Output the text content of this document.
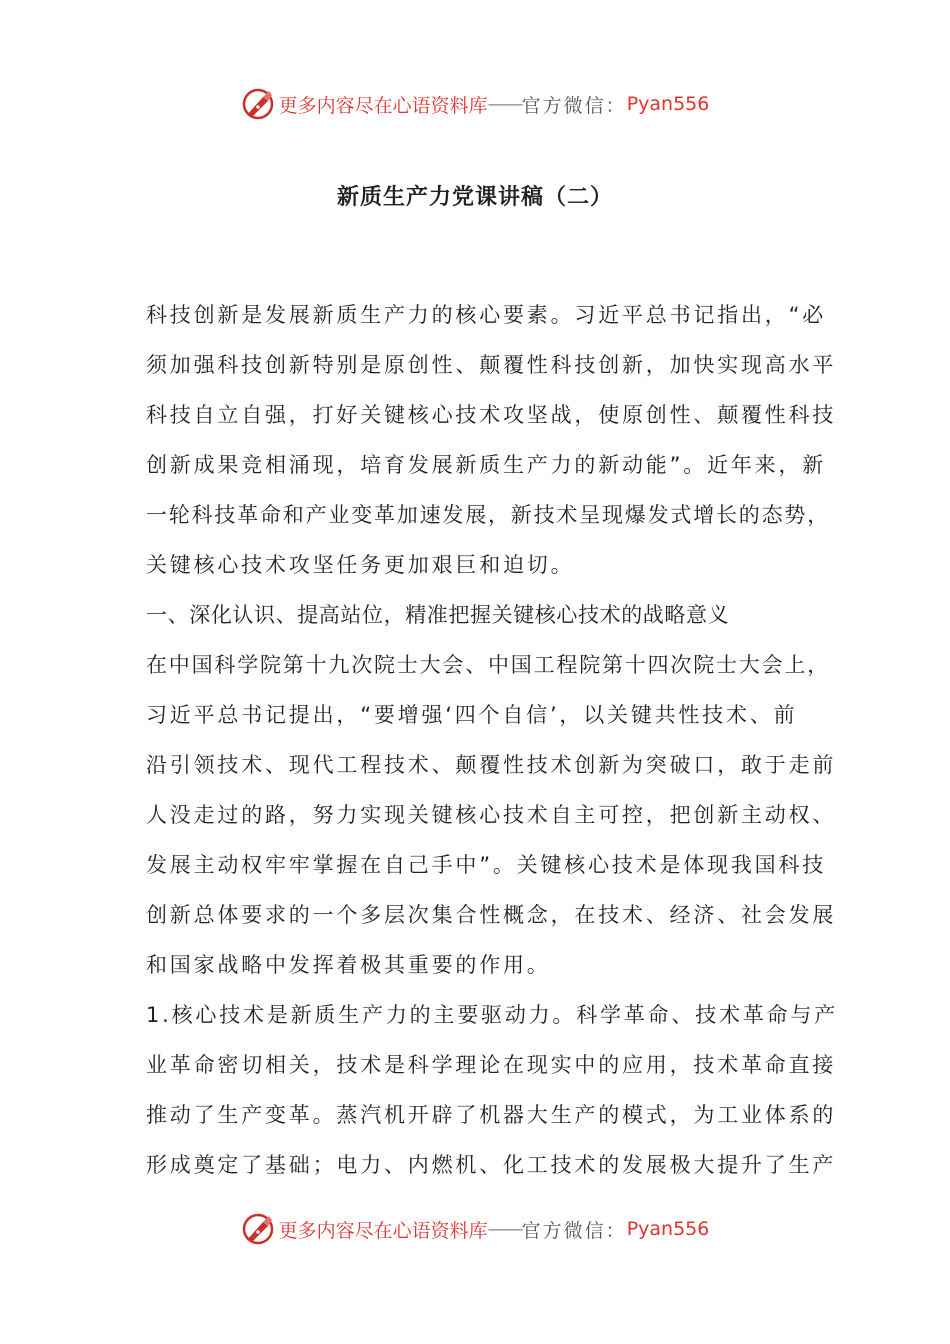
更多内容尽在心语资料库 —— 官方微信： Pyan556
新质生产力党课讲稿（二）
科技创新是发展新质生产力的核心要素。习近平总书记指出，“必
须加强科技创新特别是原创性、颠覆性科技创新，加快实现高水平
科技自立自强，打好关键核心技术攻坚战，使原创性、颠覆性科技
创新成果竞相涌现，培育发展新质生产力的新动能”。近年来，新
一轮科技革命和产业变革加速发展，新技术呈现爆发式增长的态势，
关键核心技术攻坚任务更加艰巨和迫切。
一、深化认识、提高站位，精准把握关键核心技术的战略意义
在中国科学院第十九次院士大会、中国工程院第十四次院士大会上，
习近平总书记提出，“要增强‘四个自信’，以关键共性技术、前
沿引领技术、现代工程技术、颠覆性技术创新为突破口，敢于走前
人没走过的路，努力实现关键核心技术自主可控，把创新主动权、
发展主动权牢牢掌握在自己手中”。关键核心技术是体现我国科技
创新总体要求的一个多层次集合性概念，在技术、经济、社会发展
和国家战略中发挥着极其重要的作用。
1.核心技术是新质生产力的主要驱动力。科学革命、技术革命与产
业革命密切相关，技术是科学理论在现实中的应用，技术革命直接
推动了生产变革。蒸汽机开辟了机器大生产的模式，为工业体系的
形成奠定了基础；电力、内燃机、化工技术的发展极大提升了生产
更多内容尽在心语资料库 —— 官方微信： Pyan556
